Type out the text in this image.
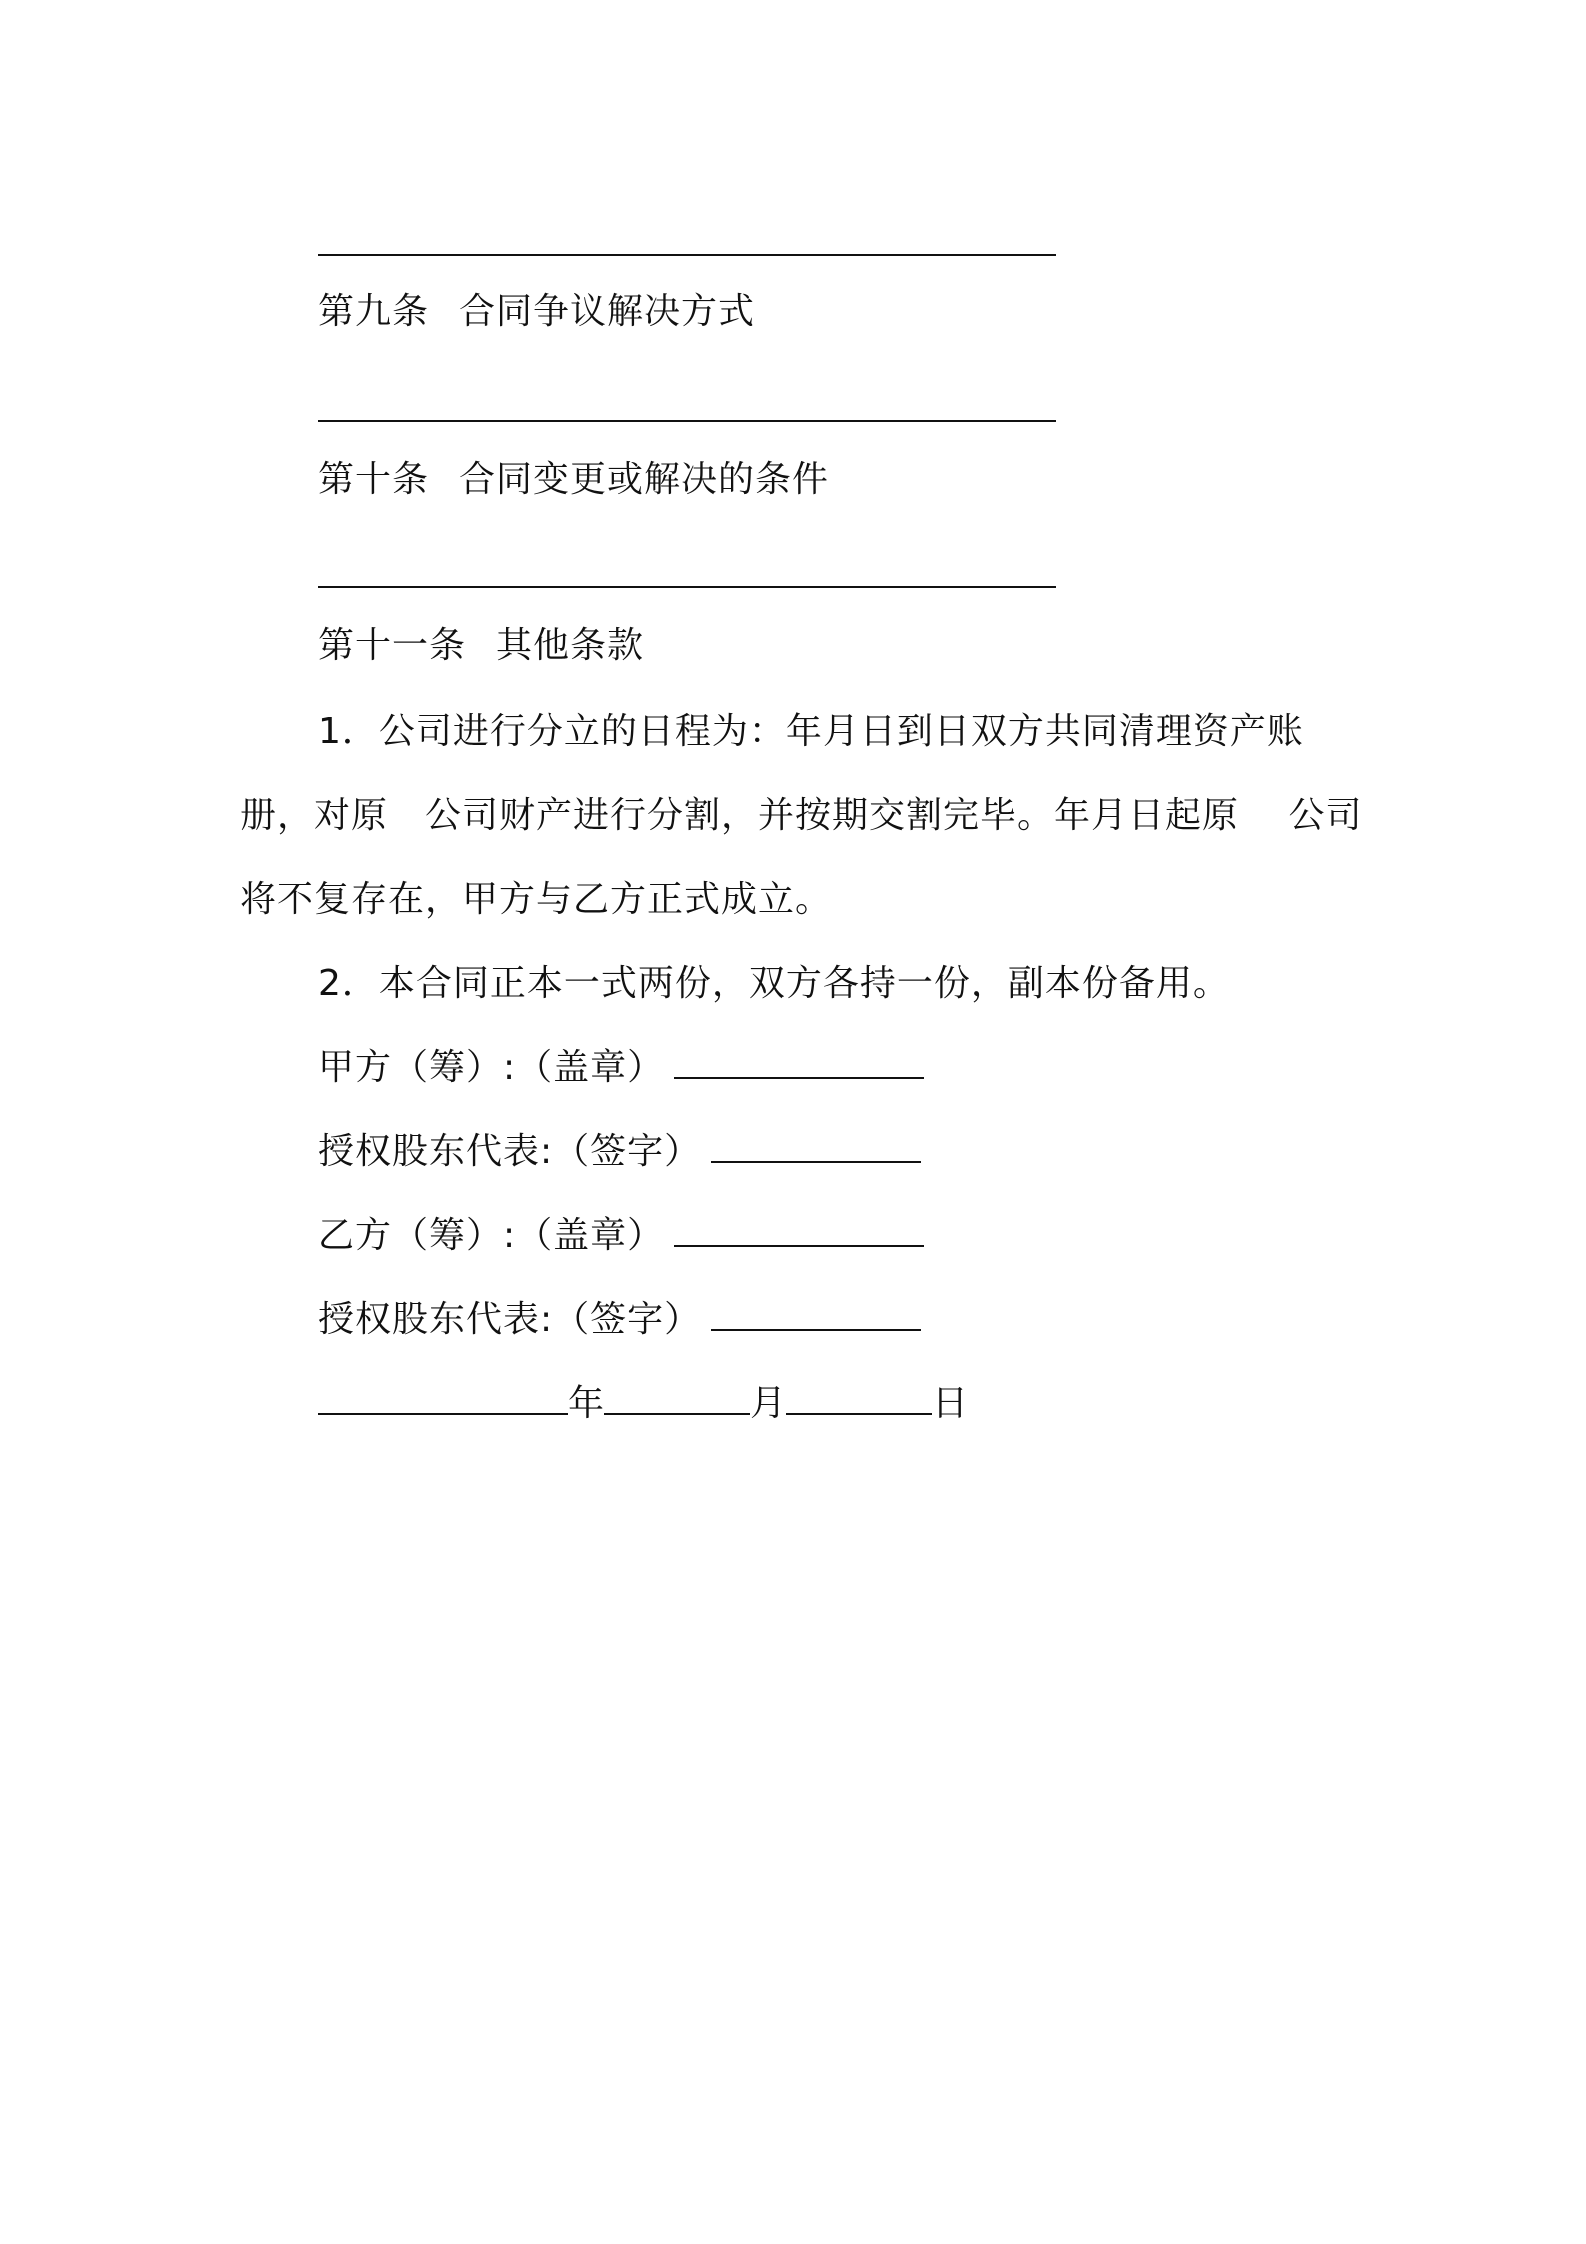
第九条 合同争议解决方式
第十条 合同变更或解决的条件
第十一条 其他条款
1．公司进行分立的日程为：年月日到日双方共同清理资产账册，对原　公司财产进行分割，并按期交割完毕。年月日起原　 公司将不复存在，甲方与乙方正式成立。
2．本合同正本一式两份，双方各持一份，副本份备用。
甲方（筹）:（盖章）
授权股东代表:（签字）
乙方（筹）:（盖章）
授权股东代表:（签字）
年	月	日
